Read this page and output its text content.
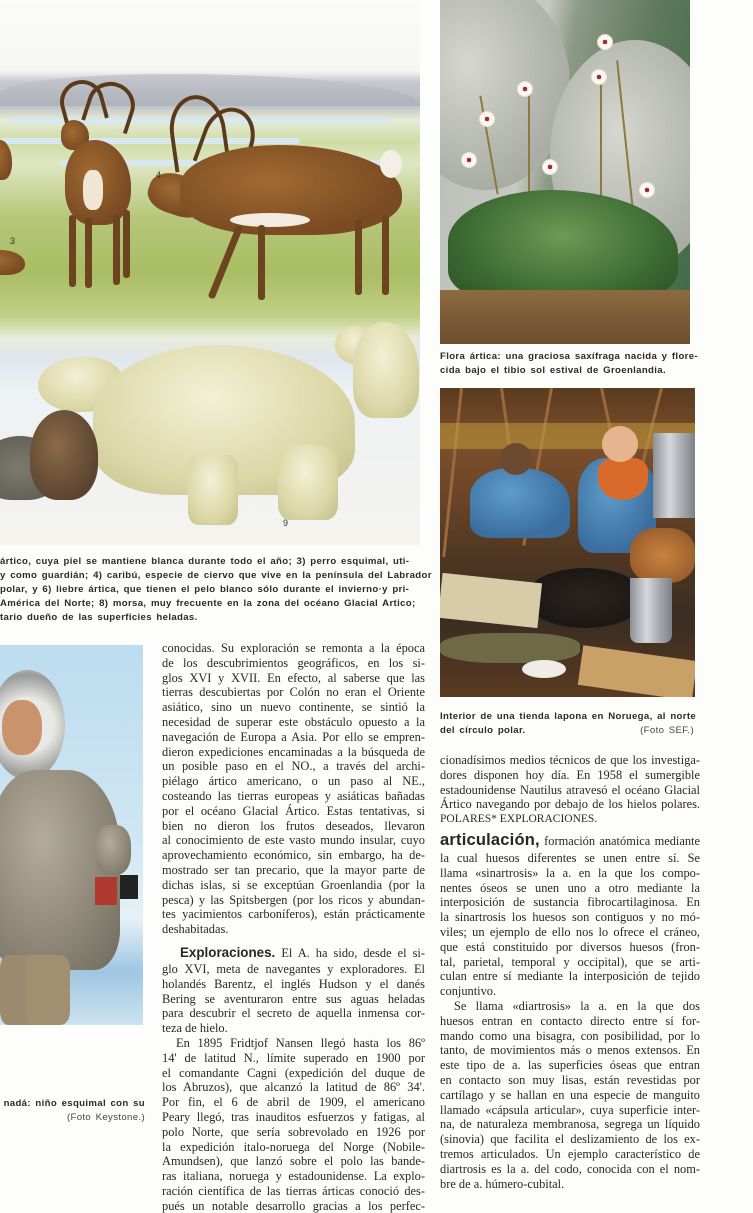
3
4
9
ártico, cuya piel se mantiene blanca durante todo el año; 3) perro esquimal, uti-
y como guardián; 4) caribú, especie de ciervo que vive en la península del Labrador
polar, y 6) liebre ártica, que tienen el pelo blanco sólo durante el invierno·y pri-
América del Norte; 8) morsa, muy frecuente en la zona del océano Glacial Artico;
tario dueño de las superficies heladas.
Flora ártica: una graciosa saxífraga nacida y flore-
cida bajo el tibio sol estival de Groenlandia.
Interior de una tienda lapona en Noruega, al norte
del círculo polar.	(Foto SEF.)
nadá: niño esquimal con su
(Foto Keystone.)
conocidas. Su exploración se remonta a la época
de los descubrimientos geográficos, en los si-
glos XVI y XVII. En efecto, al saberse que las
tierras descubiertas por Colón no eran el Oriente
asiático, sino un nuevo continente, se sintió la
necesidad de superar este obstáculo opuesto a la
navegación de Europa a Asia. Por ello se empren-
dieron expediciones encaminadas a la búsqueda de
un posible paso en el NO., a través del archi-
piélago ártico americano, o un paso al NE.,
costeando las tierras europeas y asiáticas bañadas
por el océano Glacial Ártico. Estas tentativas, si
bien no dieron los frutos deseados, llevaron
al conocimiento de este vasto mundo insular, cuyo
aprovechamiento económico, sin embargo, ha de-
mostrado ser tan precario, que la mayor parte de
dichas islas, si se exceptúan Groenlandia (por la
pesca) y las Spitsbergen (por los ricos y abundan-
tes yacimientos carboníferos), están prácticamente
deshabitadas.
Exploraciones. El A. ha sido, desde el si-
glo XVI, meta de navegantes y exploradores. El
holandés Barentz, el inglés Hudson y el danés
Bering se aventuraron entre sus aguas heladas
para descubrir el secreto de aquella inmensa cor-
teza de hielo.
En 1895 Fridtjof Nansen llegó hasta los 86º
14' de latitud N., límite superado en 1900 por
el comandante Cagni (expedición del duque de
los Abruzos), que alcanzó la latitud de 86º 34'.
Por fin, el 6 de abril de 1909, el americano
Peary llegó, tras inauditos esfuerzos y fatigas, al
polo Norte, que sería sobrevolado en 1926 por
la expedición italo-noruega del Norge (Nobile-
Amundsen), que lanzó sobre el polo las bande-
ras italiana, noruega y estadounidense. La explo-
ración científica de las tierras árticas conoció des-
pués un notable desarrollo gracias a los perfec-
cionadísimos medios técnicos de que los investiga-
dores disponen hoy día. En 1958 el sumergible
estadounidense Nautilus atravesó el océano Glacial
Ártico navegando por debajo de los hielos polares.
POLARES* EXPLORACIONES.
articulación, formación anatómica mediante
la cual huesos diferentes se unen entre sí. Se
llama «sinartrosis» la a. en la que los compo-
nentes óseos se unen uno a otro mediante la
interposición de sustancia fibrocartilaginosa. En
la sinartrosis los huesos son contiguos y no mó-
viles; un ejemplo de ello nos lo ofrece el cráneo,
que está constituido por diversos huesos (fron-
tal, parietal, temporal y occipital), que se arti-
culan entre sí mediante la interposición de tejido
conjuntivo.
Se llama «diartrosis» la a. en la que dos
huesos entran en contacto directo entre sí for-
mando como una bisagra, con posibilidad, por lo
tanto, de movimientos más o menos extensos. En
este tipo de a. las superficies óseas que entran
en contacto son muy lisas, están revestidas por
cartílago y se hallan en una especie de manguito
llamado «cápsula articular», cuya superficie inter-
na, de naturaleza membranosa, segrega un líquido
(sinovia) que facilita el deslizamiento de los ex-
tremos articulados. Un ejemplo característico de
diartrosis es la a. del codo, conocida con el nom-
bre de a. húmero-cubital.
